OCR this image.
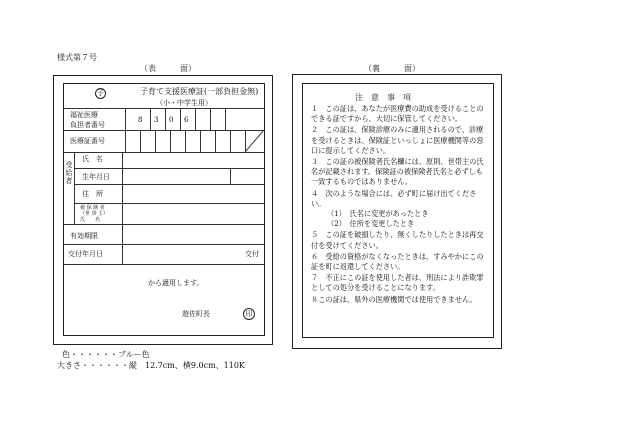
様式第７号
（表　　　面）
子	子育て支援医療証(一部負担金無)
（小・中学生用）
福祉医療
負担者番号
8 3 0 6
医療証番号
受給者
氏　名
生年月日
住　所
被 保 険 者
（世 帯 主）
氏　　名
有効期限
交付年月日	交付
から適用します。
遊佐町長	印
（裏　　　面）
注　意　事　項
１　この証は、あなたが医療費の助成を受けることのできる証ですから、大切に保管してください。
２　この証は、保険診療のみに適用されるので、診療を受けるときは、保険証といっしょに医療機関等の窓口に提示してください。
３　この証の被保険者氏名欄には、原則、世帯主の氏名が記載されます。保険証の被保険者氏名と必ずしも一致するものではありません。
４　次のような場合には、必ず町に届け出てください。
（1）　氏名に変更があったとき
（2）　住所を変更したとき
５　この証を破損したり、無くしたりしたときは再交付を受けてください。
６　受給の資格がなくなったときは、すみやかにこの証を町に返還してください。
７　不正にこの証を使用した者は、刑法により詐欺罪としての処分を受けることになります。
８この証は、県外の医療機関では使用できません。
色・・・・・・ブルー色
大きさ・・・・・・縦　12.7cm、横9.0cm、110K
